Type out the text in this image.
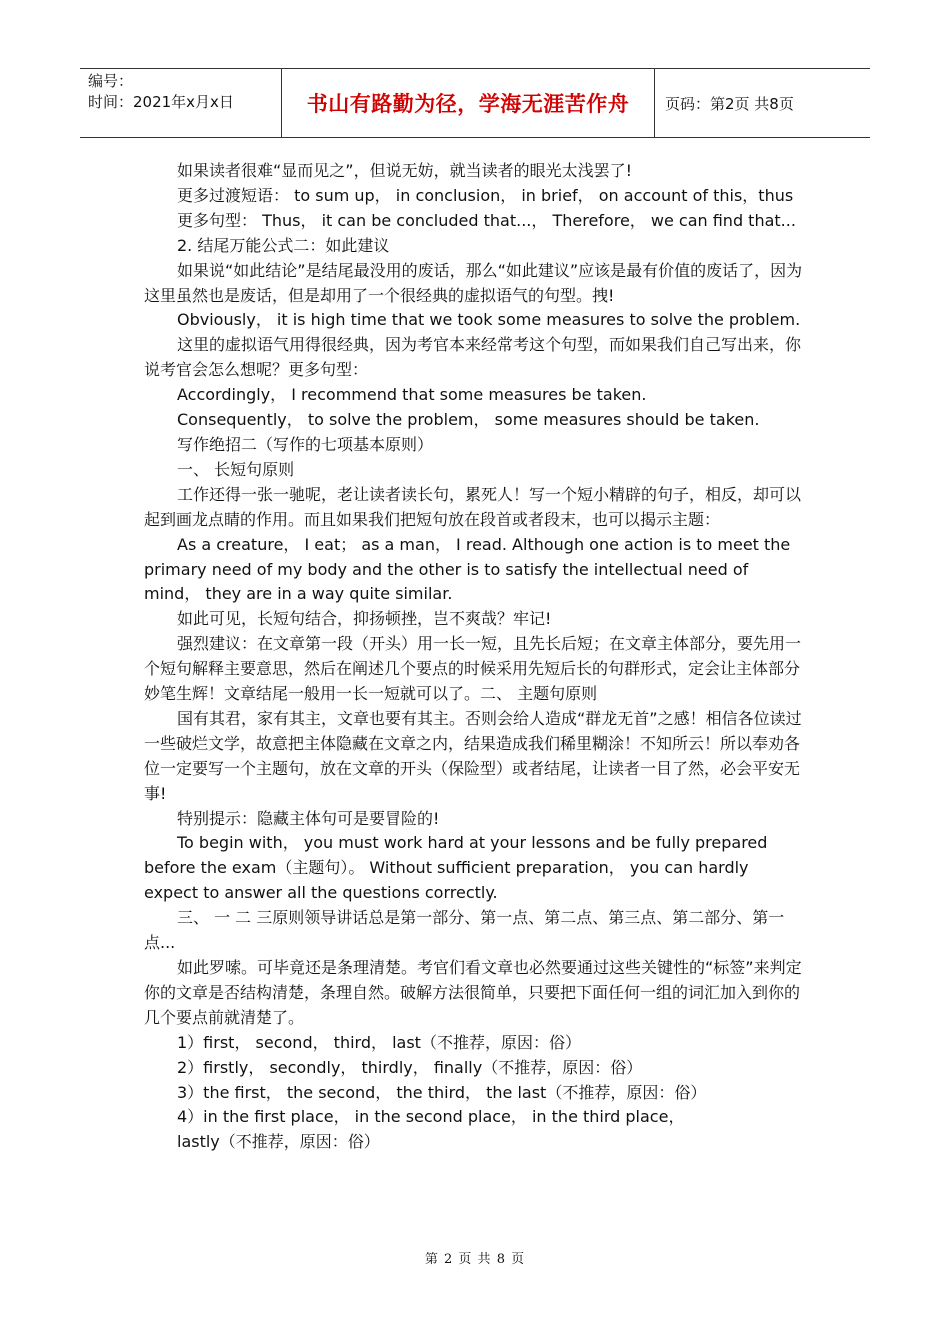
编号：
时间：2021年x月x日	书山有路勤为径，学海无涯苦作舟 页码：第2页 共8页

如果读者很难“显而见之”，但说无妨，就当读者的眼光太浅罢了!

更多过渡短语： to sum up， in conclusion， in brief， on account of this，thus

更多句型： Thus， it can be concluded that...， Therefore， we can find that...

2. 结尾万能公式二：如此建议

如果说“如此结论”是结尾最没用的废话，那么“如此建议”应该是最有价值的废话了，因为这里虽然也是废话，但是却用了一个很经典的虚拟语气的句型。拽!

Obviously， it is high time that we took some measures to solve the problem.

这里的虚拟语气用得很经典，因为考官本来经常考这个句型，而如果我们自己写出来，你说考官会怎么想呢？更多句型：

Accordingly， I recommend that some measures be taken.

Consequently， to solve the problem， some measures should be taken.

写作绝招二（写作的七项基本原则）

一、 长短句原则

工作还得一张一驰呢，老让读者读长句，累死人！写一个短小精辟的句子，相反，却可以起到画龙点睛的作用。而且如果我们把短句放在段首或者段末，也可以揭示主题：

As a creature， I eat； as a man， I read. Although one action is to meet the primary need of my body and the other is to satisfy the intellectual need of mind， they are in a way quite similar.

如此可见，长短句结合，抑扬顿挫，岂不爽哉？牢记!

强烈建议：在文章第一段（开头）用一长一短，且先长后短；在文章主体部分，要先用一个短句解释主要意思，然后在阐述几个要点的时候采用先短后长的句群形式，定会让主体部分妙笔生辉！文章结尾一般用一长一短就可以了。二、 主题句原则

国有其君，家有其主，文章也要有其主。否则会给人造成“群龙无首”之感！相信各位读过一些破烂文学，故意把主体隐藏在文章之内，结果造成我们稀里糊涂！不知所云！所以奉劝各位一定要写一个主题句，放在文章的开头（保险型）或者结尾，让读者一目了然，必会平安无事!

特别提示：隐藏主体句可是要冒险的!

To begin with， you must work hard at your lessons and be fully prepared before the exam（主题句）。 Without sufficient preparation， you can hardly expect to answer all the questions correctly.

三、 一 二 三原则领导讲话总是第一部分、第一点、第二点、第三点、第二部分、第一点...

如此罗嗦。可毕竟还是条理清楚。考官们看文章也必然要通过这些关键性的“标签”来判定你的文章是否结构清楚，条理自然。破解方法很简单，只要把下面任何一组的词汇加入到你的几个要点前就清楚了。

1）first， second， third， last（不推荐，原因：俗）

2）firstly， secondly， thirdly， finally（不推荐，原因：俗）

3）the first， the second， the third， the last（不推荐，原因：俗）

4）in the first place， in the second place， in the third place，

lastly（不推荐，原因：俗）

第 2 页 共 8 页
